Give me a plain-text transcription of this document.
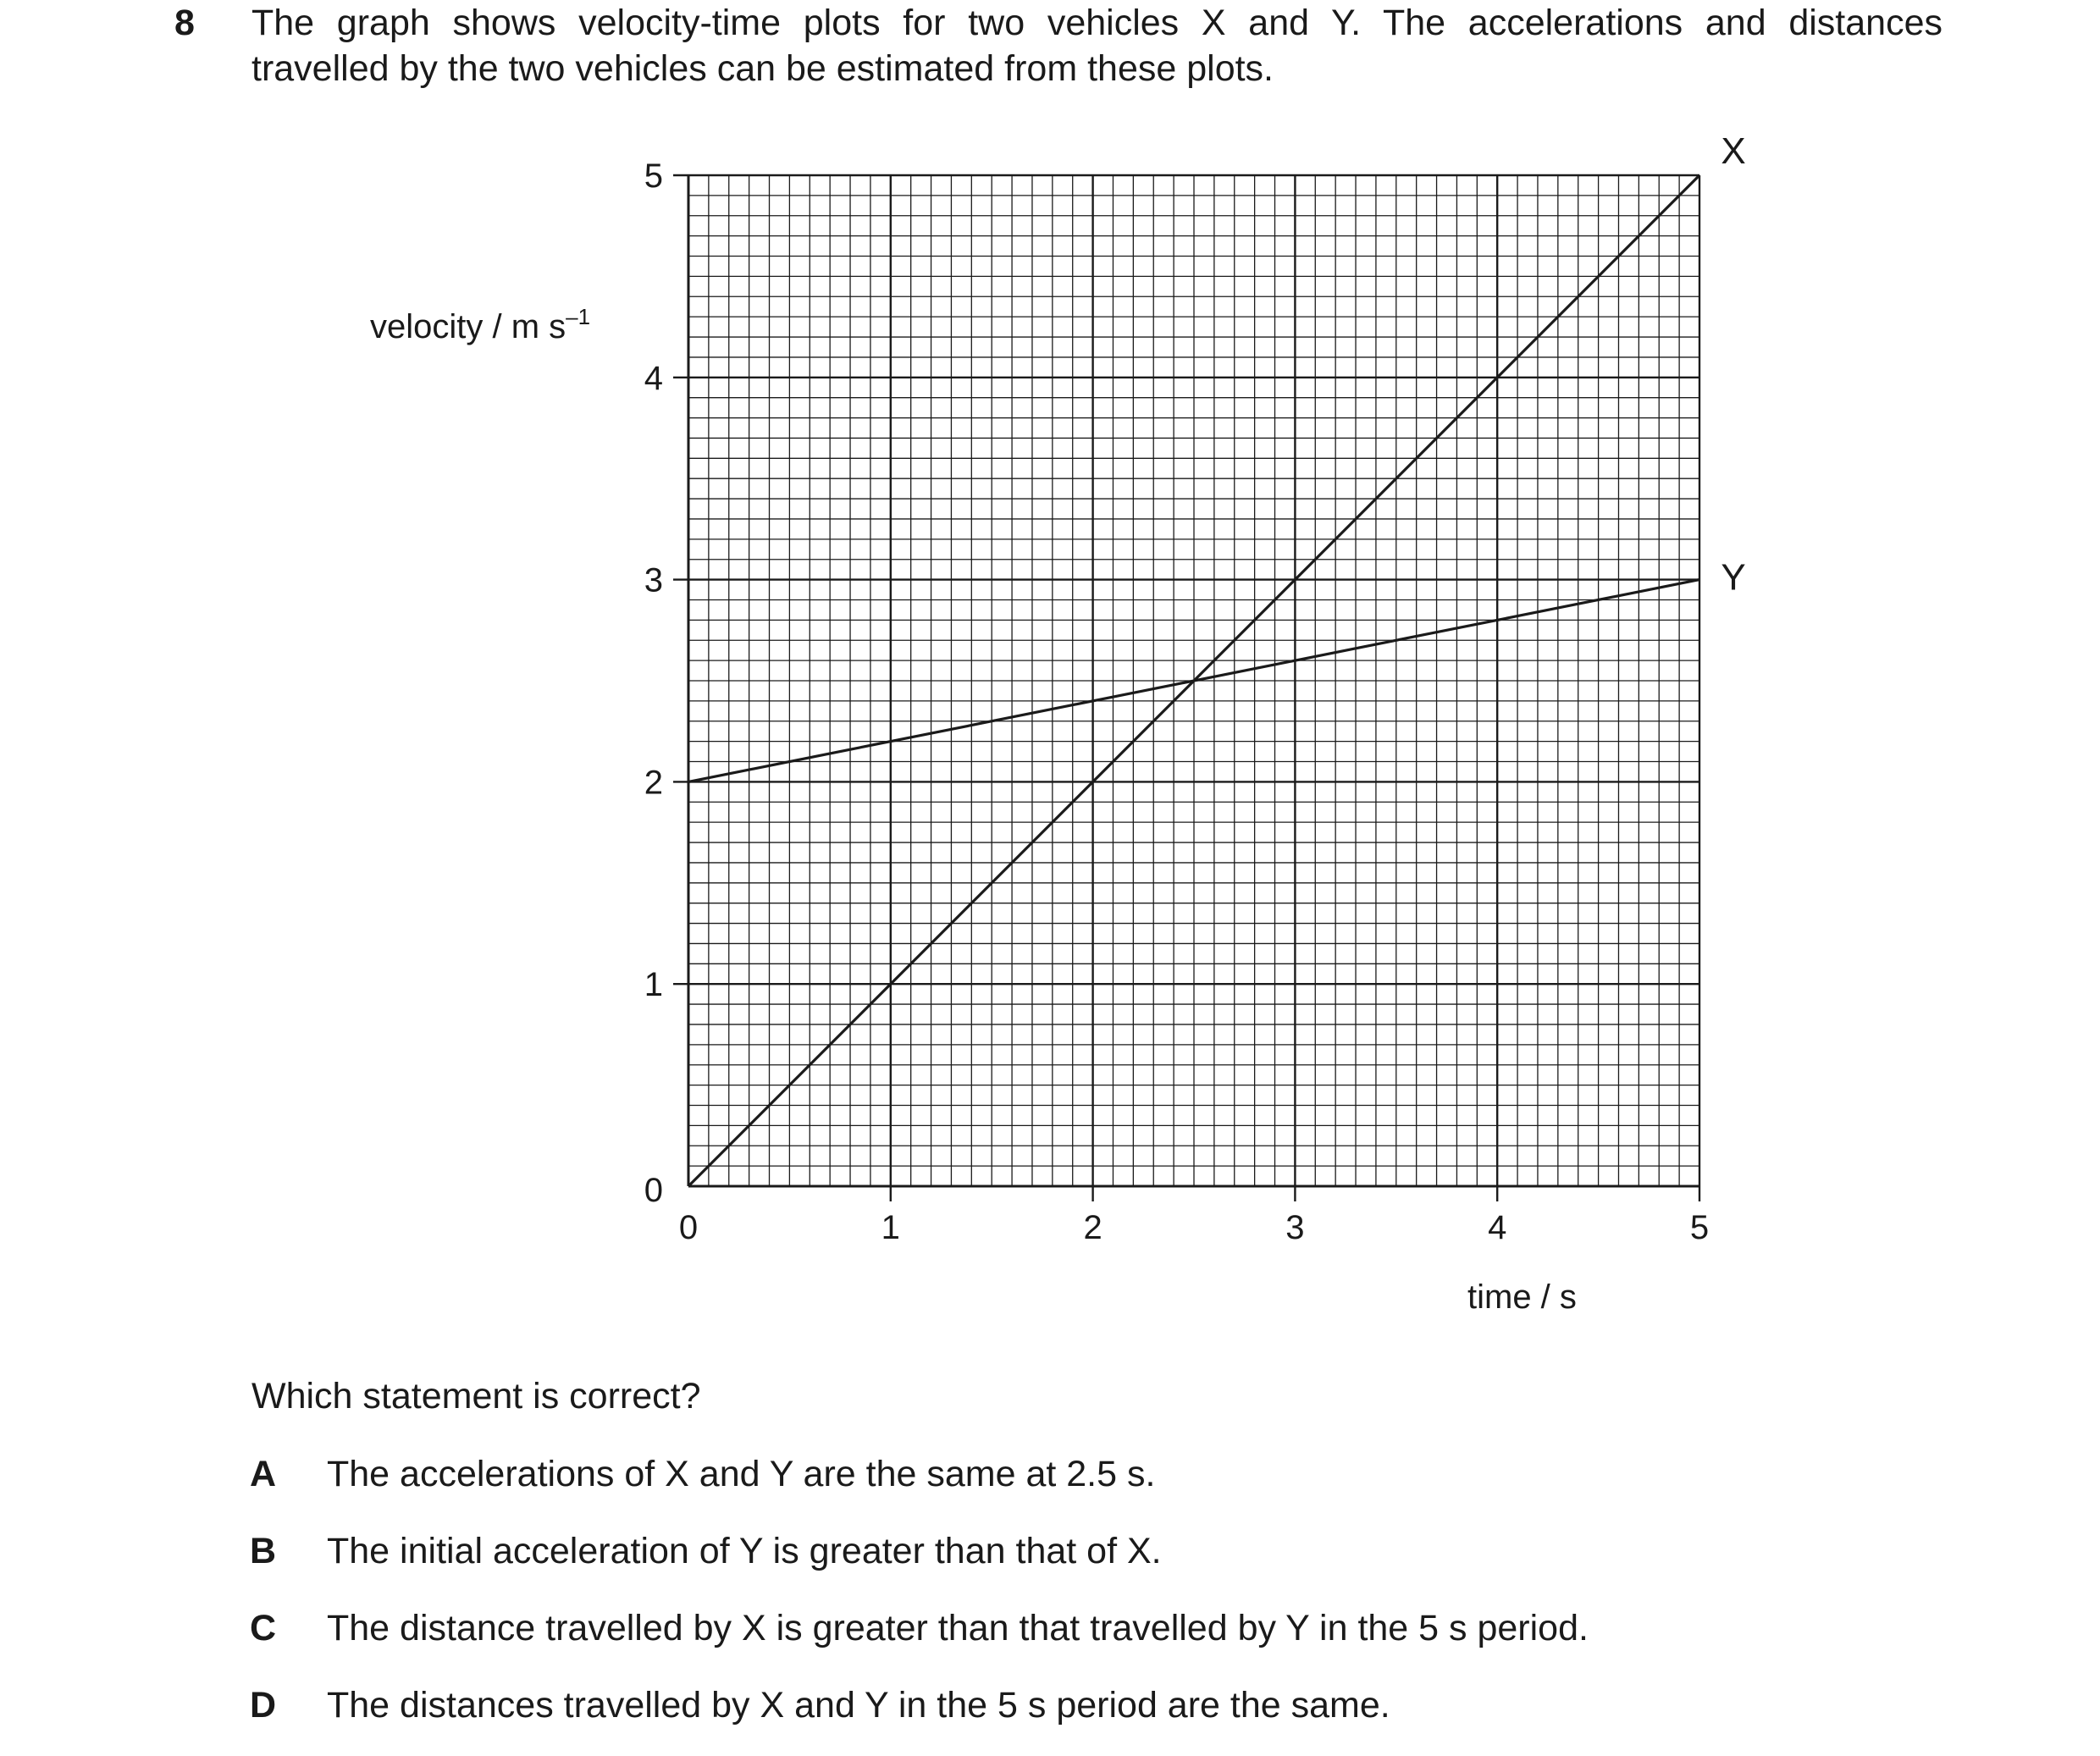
8 The graph shows velocity-time plots for two vehicles X and Y. The accelerations and distances
travelled by the two vehicles can be estimated from these plots.
0
1
2
3
4
5
0	1	2	3	4	5
X
Y
velocity / m $s^{-1}$
time / s
Which statement is correct?
A The accelerations of X and Y are the same at 2.5 s.
B The initial acceleration of Y is greater than that of X.
C The distance travelled by X is greater than that travelled by Y in the 5 s period.
D The distances travelled by X and Y in the 5 s period are the same.
